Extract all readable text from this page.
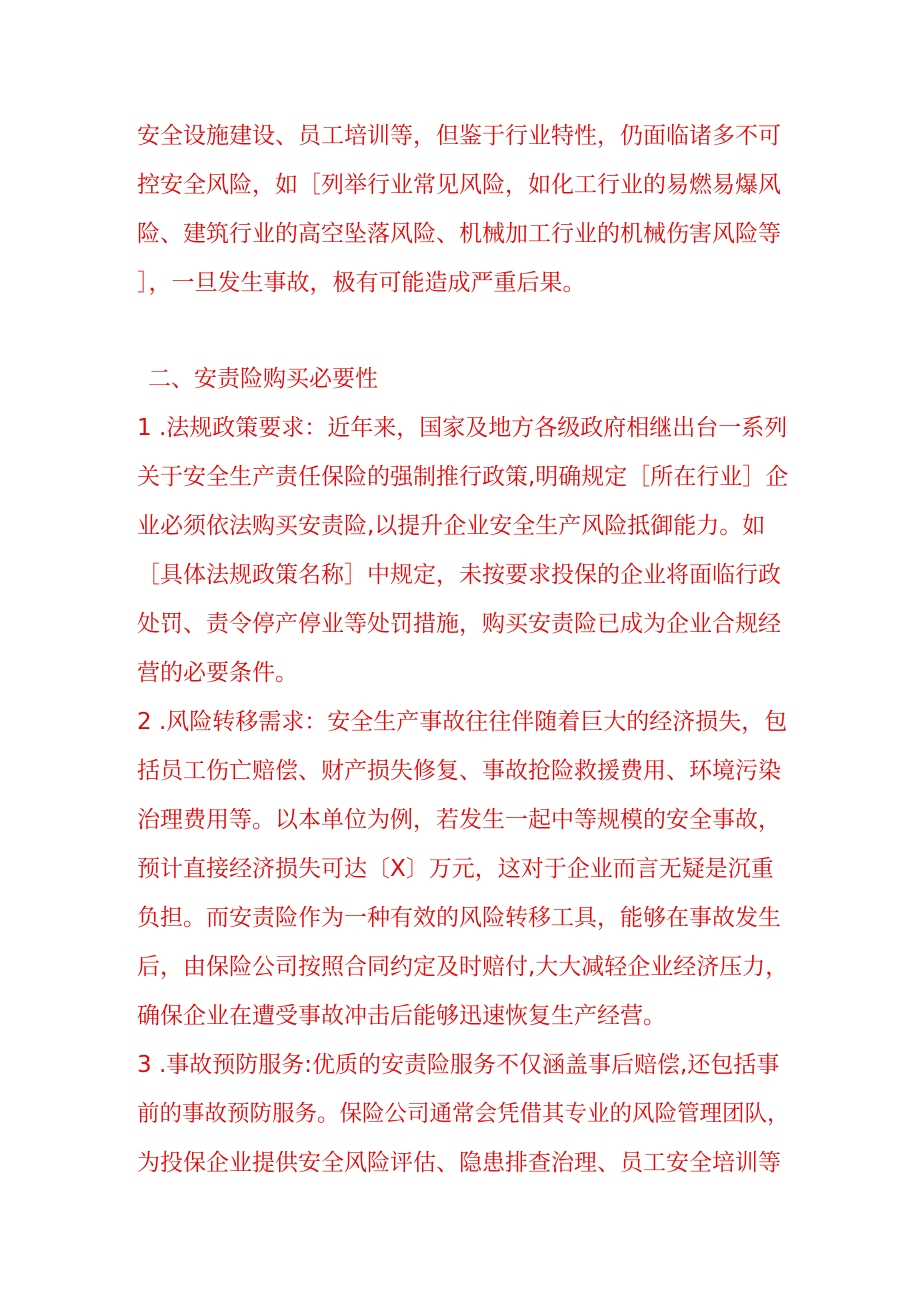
安全设施建设、员工培训等，但鉴于行业特性，仍面临诸多不可
控安全风险，如［列举行业常见风险，如化工行业的易燃易爆风
险、建筑行业的高空坠落风险、机械加工行业的机械伤害风险等
］，一旦发生事故，极有可能造成严重后果。
二、安责险购买必要性
1 .法规政策要求：近年来，国家及地方各级政府相继出台一系列
关于安全生产责任保险的强制推行政策,明确规定［所在行业］企
业必须依法购买安责险,以提升企业安全生产风险抵御能力。如
［具体法规政策名称］中规定，未按要求投保的企业将面临行政
处罚、责令停产停业等处罚措施，购买安责险已成为企业合规经
营的必要条件。
2 .风险转移需求：安全生产事故往往伴随着巨大的经济损失，包
括员工伤亡赔偿、财产损失修复、事故抢险救援费用、环境污染
治理费用等。以本单位为例，若发生一起中等规模的安全事故，
预计直接经济损失可达〔X〕万元，这对于企业而言无疑是沉重
负担。而安责险作为一种有效的风险转移工具，能够在事故发生
后，由保险公司按照合同约定及时赔付,大大减轻企业经济压力，
确保企业在遭受事故冲击后能够迅速恢复生产经营。
3 .事故预防服务:优质的安责险服务不仅涵盖事后赔偿,还包括事
前的事故预防服务。保险公司通常会凭借其专业的风险管理团队，
为投保企业提供安全风险评估、隐患排查治理、员工安全培训等
